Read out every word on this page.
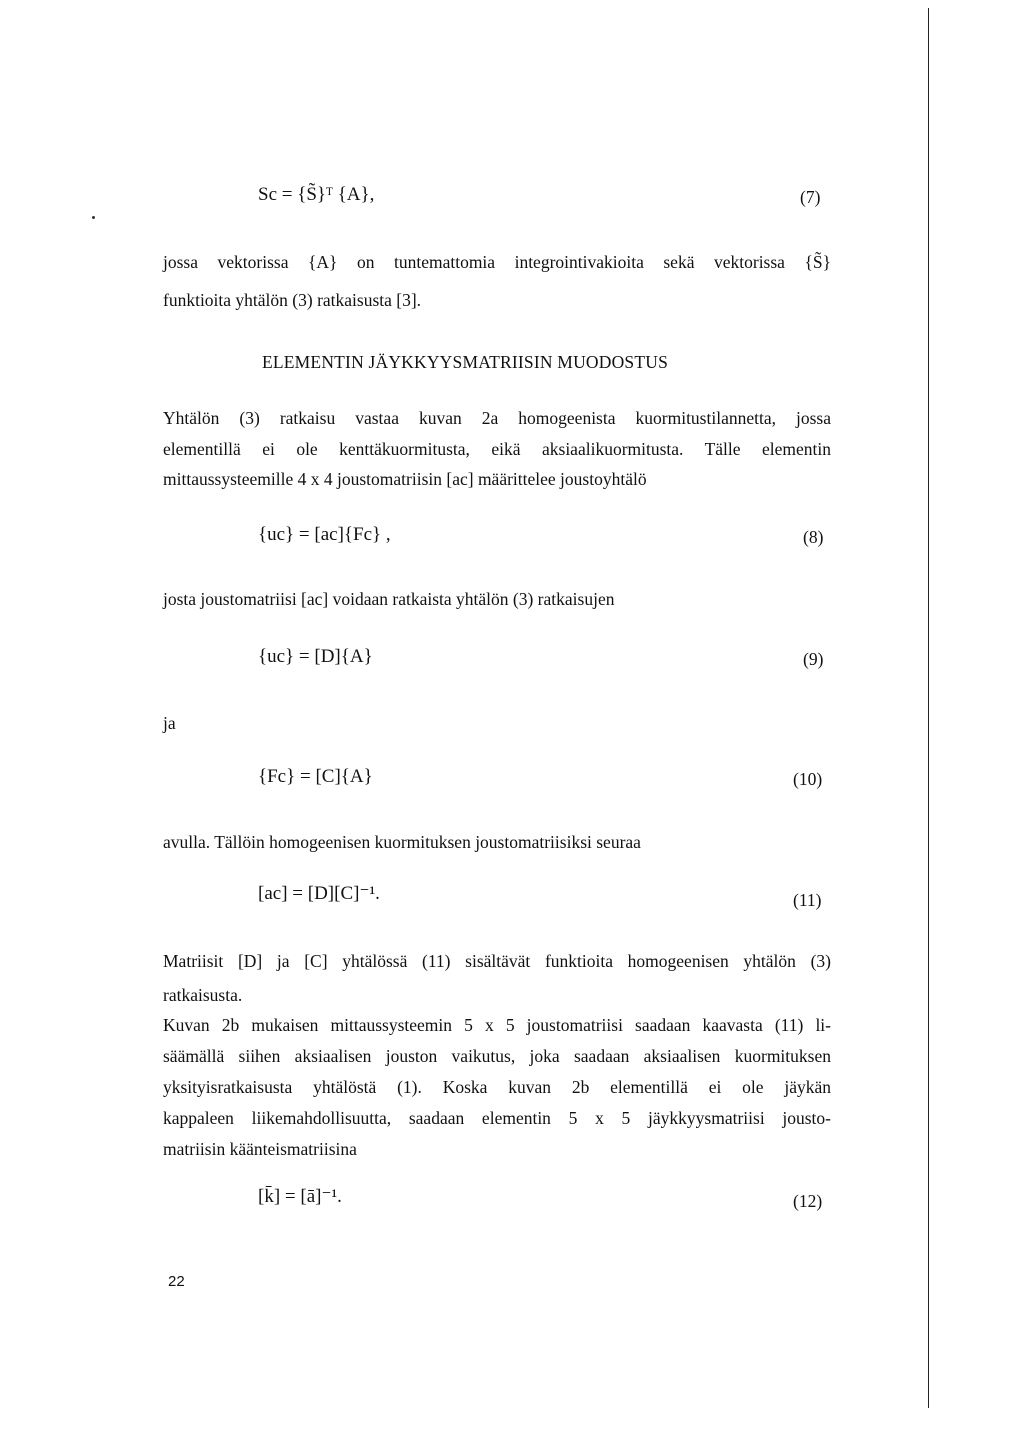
Sc = {S̃}ᵀ {A},	(7)
jossa vektorissa {A} on tuntemattomia integrointivakioita sekä vektorissa {S̃}
funktioita yhtälön (3) ratkaisusta [3].
ELEMENTIN JÄYKKYYSMATRIISIN MUODOSTUS
Yhtälön (3) ratkaisu vastaa kuvan 2a homogeenista kuormitustilannetta, jossa
elementillä ei ole kenttäkuormitusta, eikä aksiaalikuormitusta. Tälle elementin
mittaussysteemille 4 x 4 joustomatriisin [ac] määrittelee joustoyhtälö
{uc} = [ac]{Fc} ,	(8)
josta joustomatriisi [ac] voidaan ratkaista yhtälön (3) ratkaisujen
{uc} = [D]{A}	(9)
ja
{Fc} = [C]{A}	(10)
avulla. Tällöin homogeenisen kuormituksen joustomatriisiksi seuraa
[ac] = [D][C]⁻¹.	(11)
Matriisit [D] ja [C] yhtälössä (11) sisältävät funktioita homogeenisen yhtälön (3)
ratkaisusta.
Kuvan 2b mukaisen mittaussysteemin 5 x 5 joustomatriisi saadaan kaavasta (11) li-
säämällä siihen aksiaalisen jouston vaikutus, joka saadaan aksiaalisen kuormituksen
yksityisratkaisusta yhtälöstä (1). Koska kuvan 2b elementillä ei ole jäykän
kappaleen liikemahdollisuutta, saadaan elementin 5 x 5 jäykkyysmatriisi jousto-
matriisin käänteismatriisina
[k̄] = [ā]⁻¹.	(12)
22
